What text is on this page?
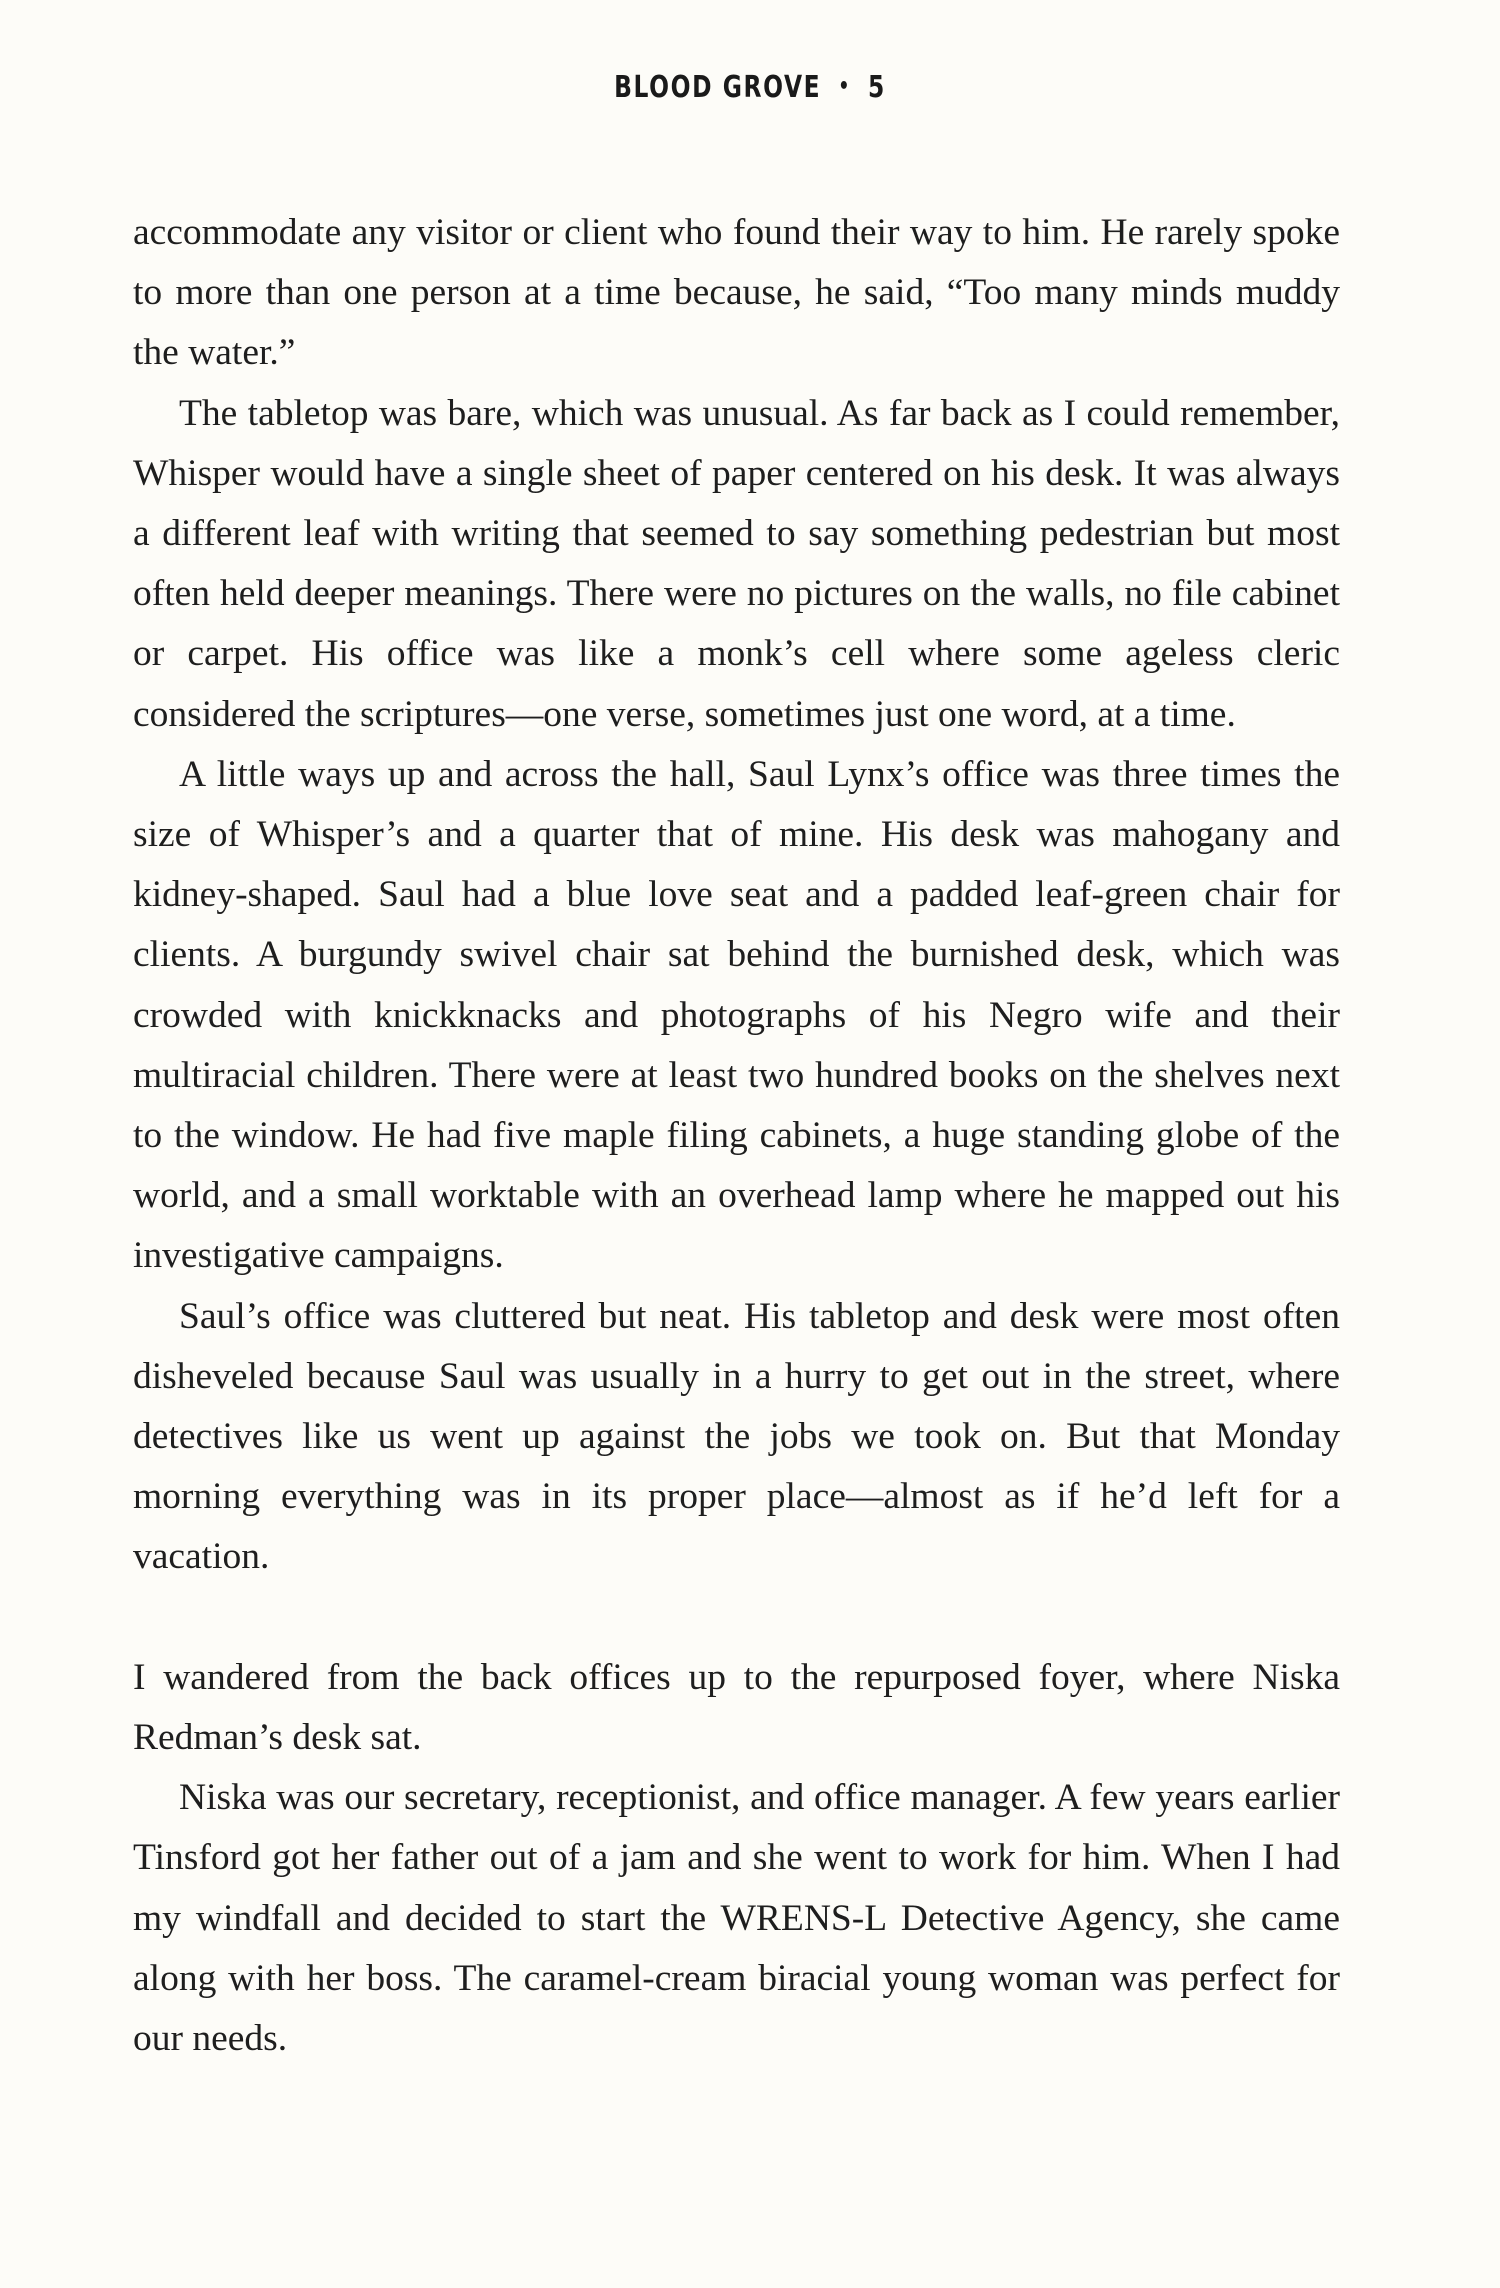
BLOOD GROVE • 5

accommodate any visitor or client who found their way to him. He rarely spoke to more than one person at a time because, he said, “Too many minds muddy the water.”

The tabletop was bare, which was unusual. As far back as I could remember, Whisper would have a single sheet of paper centered on his desk. It was always a different leaf with writing that seemed to say something pedestrian but most often held deeper meanings. There were no pictures on the walls, no file cabinet or carpet. His office was like a monk’s cell where some ageless cleric considered the scriptures—one verse, sometimes just one word, at a time.

A little ways up and across the hall, Saul Lynx’s office was three times the size of Whisper’s and a quarter that of mine. His desk was mahogany and kidney-shaped. Saul had a blue love seat and a padded leaf-green chair for clients. A burgundy swivel chair sat behind the burnished desk, which was crowded with knickknacks and photographs of his Negro wife and their multiracial children. There were at least two hundred books on the shelves next to the window. He had five maple filing cabinets, a huge standing globe of the world, and a small worktable with an overhead lamp where he mapped out his investigative campaigns.

Saul’s office was cluttered but neat. His tabletop and desk were most often disheveled because Saul was usually in a hurry to get out in the street, where detectives like us went up against the jobs we took on. But that Monday morning everything was in its proper place—almost as if he’d left for a vacation.

I wandered from the back offices up to the repurposed foyer, where Niska Redman’s desk sat.

Niska was our secretary, receptionist, and office manager. A few years earlier Tinsford got her father out of a jam and she went to work for him. When I had my windfall and decided to start the WRENS-L Detective Agency, she came along with her boss. The caramel-cream biracial young woman was perfect for our needs.
